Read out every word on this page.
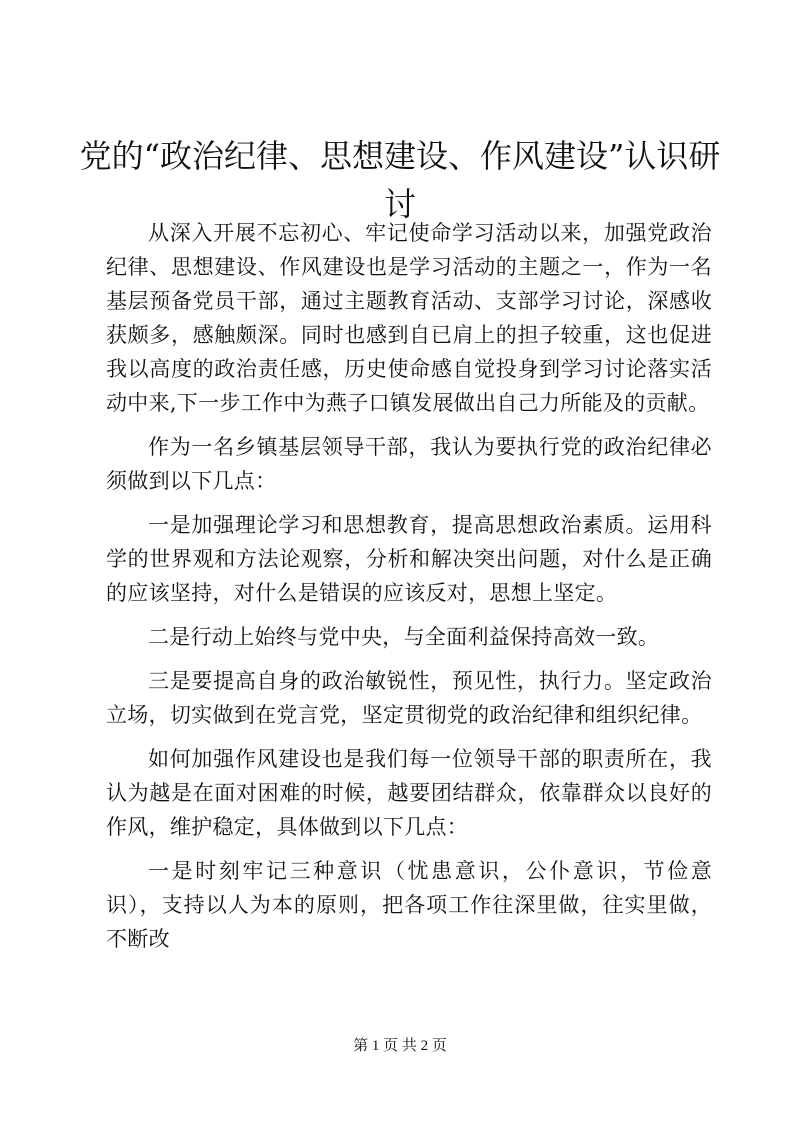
党的“政治纪律、思想建设、作风建设”认识研讨

从深入开展不忘初心、牢记使命学习活动以来，加强党政治纪律、思想建设、作风建设也是学习活动的主题之一，作为一名基层预备党员干部，通过主题教育活动、支部学习讨论，深感收获颇多，感触颇深。同时也感到自已肩上的担子较重，这也促进我以高度的政治责任感，历史使命感自觉投身到学习讨论落实活动中来,下一步工作中为燕子口镇发展做出自己力所能及的贡献。

作为一名乡镇基层领导干部，我认为要执行党的政治纪律必须做到以下几点：

一是加强理论学习和思想教育，提高思想政治素质。运用科学的世界观和方法论观察，分析和解决突出问题，对什么是正确的应该坚持，对什么是错误的应该反对，思想上坚定。

二是行动上始终与党中央，与全面利益保持高效一致。

三是要提高自身的政治敏锐性，预见性，执行力。坚定政治立场，切实做到在党言党，坚定贯彻党的政治纪律和组织纪律。

如何加强作风建设也是我们每一位领导干部的职责所在，我认为越是在面对困难的时候，越要团结群众，依靠群众以良好的作风，维护稳定，具体做到以下几点：

一是时刻牢记三种意识（忧患意识，公仆意识，节俭意识），支持以人为本的原则，把各项工作往深里做，往实里做，不断改

第 1 页 共 2 页
